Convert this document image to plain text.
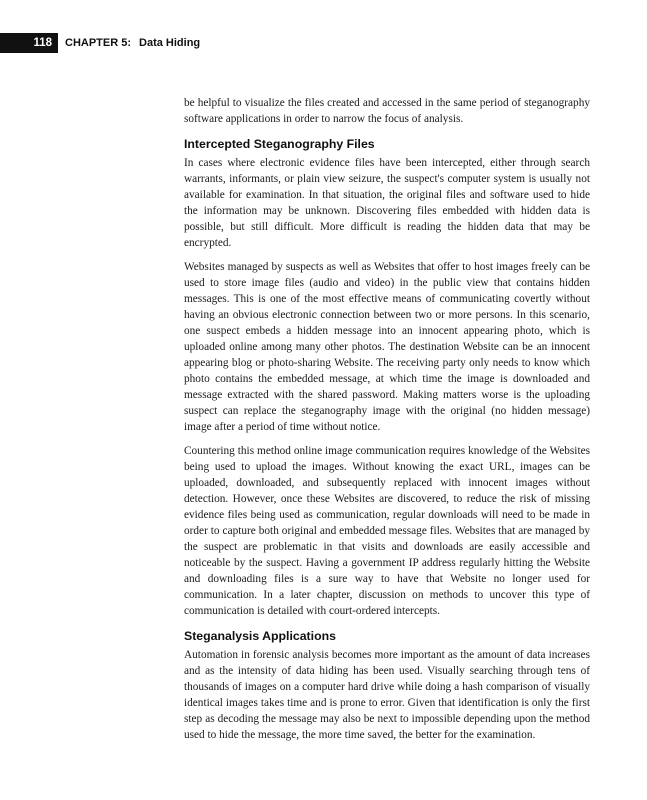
118	CHAPTER 5: Data Hiding

be helpful to visualize the files created and accessed in the same period of steganography software applications in order to narrow the focus of analysis.

Intercepted Steganography Files

In cases where electronic evidence files have been intercepted, either through search warrants, informants, or plain view seizure, the suspect's computer system is usually not available for examination. In that situation, the original files and software used to hide the information may be unknown. Discovering files embedded with hidden data is possible, but still difficult. More difficult is reading the hidden data that may be encrypted.

Websites managed by suspects as well as Websites that offer to host images freely can be used to store image files (audio and video) in the public view that contains hidden messages. This is one of the most effective means of communicating covertly without having an obvious electronic connection between two or more persons. In this scenario, one suspect embeds a hidden message into an innocent appearing photo, which is uploaded online among many other photos. The destination Website can be an innocent appearing blog or photo-sharing Website. The receiving party only needs to know which photo contains the embedded message, at which time the image is downloaded and message extracted with the shared password. Making matters worse is the uploading suspect can replace the steganography image with the original (no hidden message) image after a period of time without notice.

Countering this method online image communication requires knowledge of the Websites being used to upload the images. Without knowing the exact URL, images can be uploaded, downloaded, and subsequently replaced with innocent images without detection. However, once these Websites are discovered, to reduce the risk of missing evidence files being used as communication, regular downloads will need to be made in order to capture both original and embedded message files. Websites that are managed by the suspect are problematic in that visits and downloads are easily accessible and noticeable by the suspect. Having a government IP address regularly hitting the Website and downloading files is a sure way to have that Website no longer used for communication. In a later chapter, discussion on methods to uncover this type of communication is detailed with court-ordered intercepts.

Steganalysis Applications

Automation in forensic analysis becomes more important as the amount of data increases and as the intensity of data hiding has been used. Visually searching through tens of thousands of images on a computer hard drive while doing a hash comparison of visually identical images takes time and is prone to error. Given that identification is only the first step as decoding the message may also be next to impossible depending upon the method used to hide the message, the more time saved, the better for the examination.
